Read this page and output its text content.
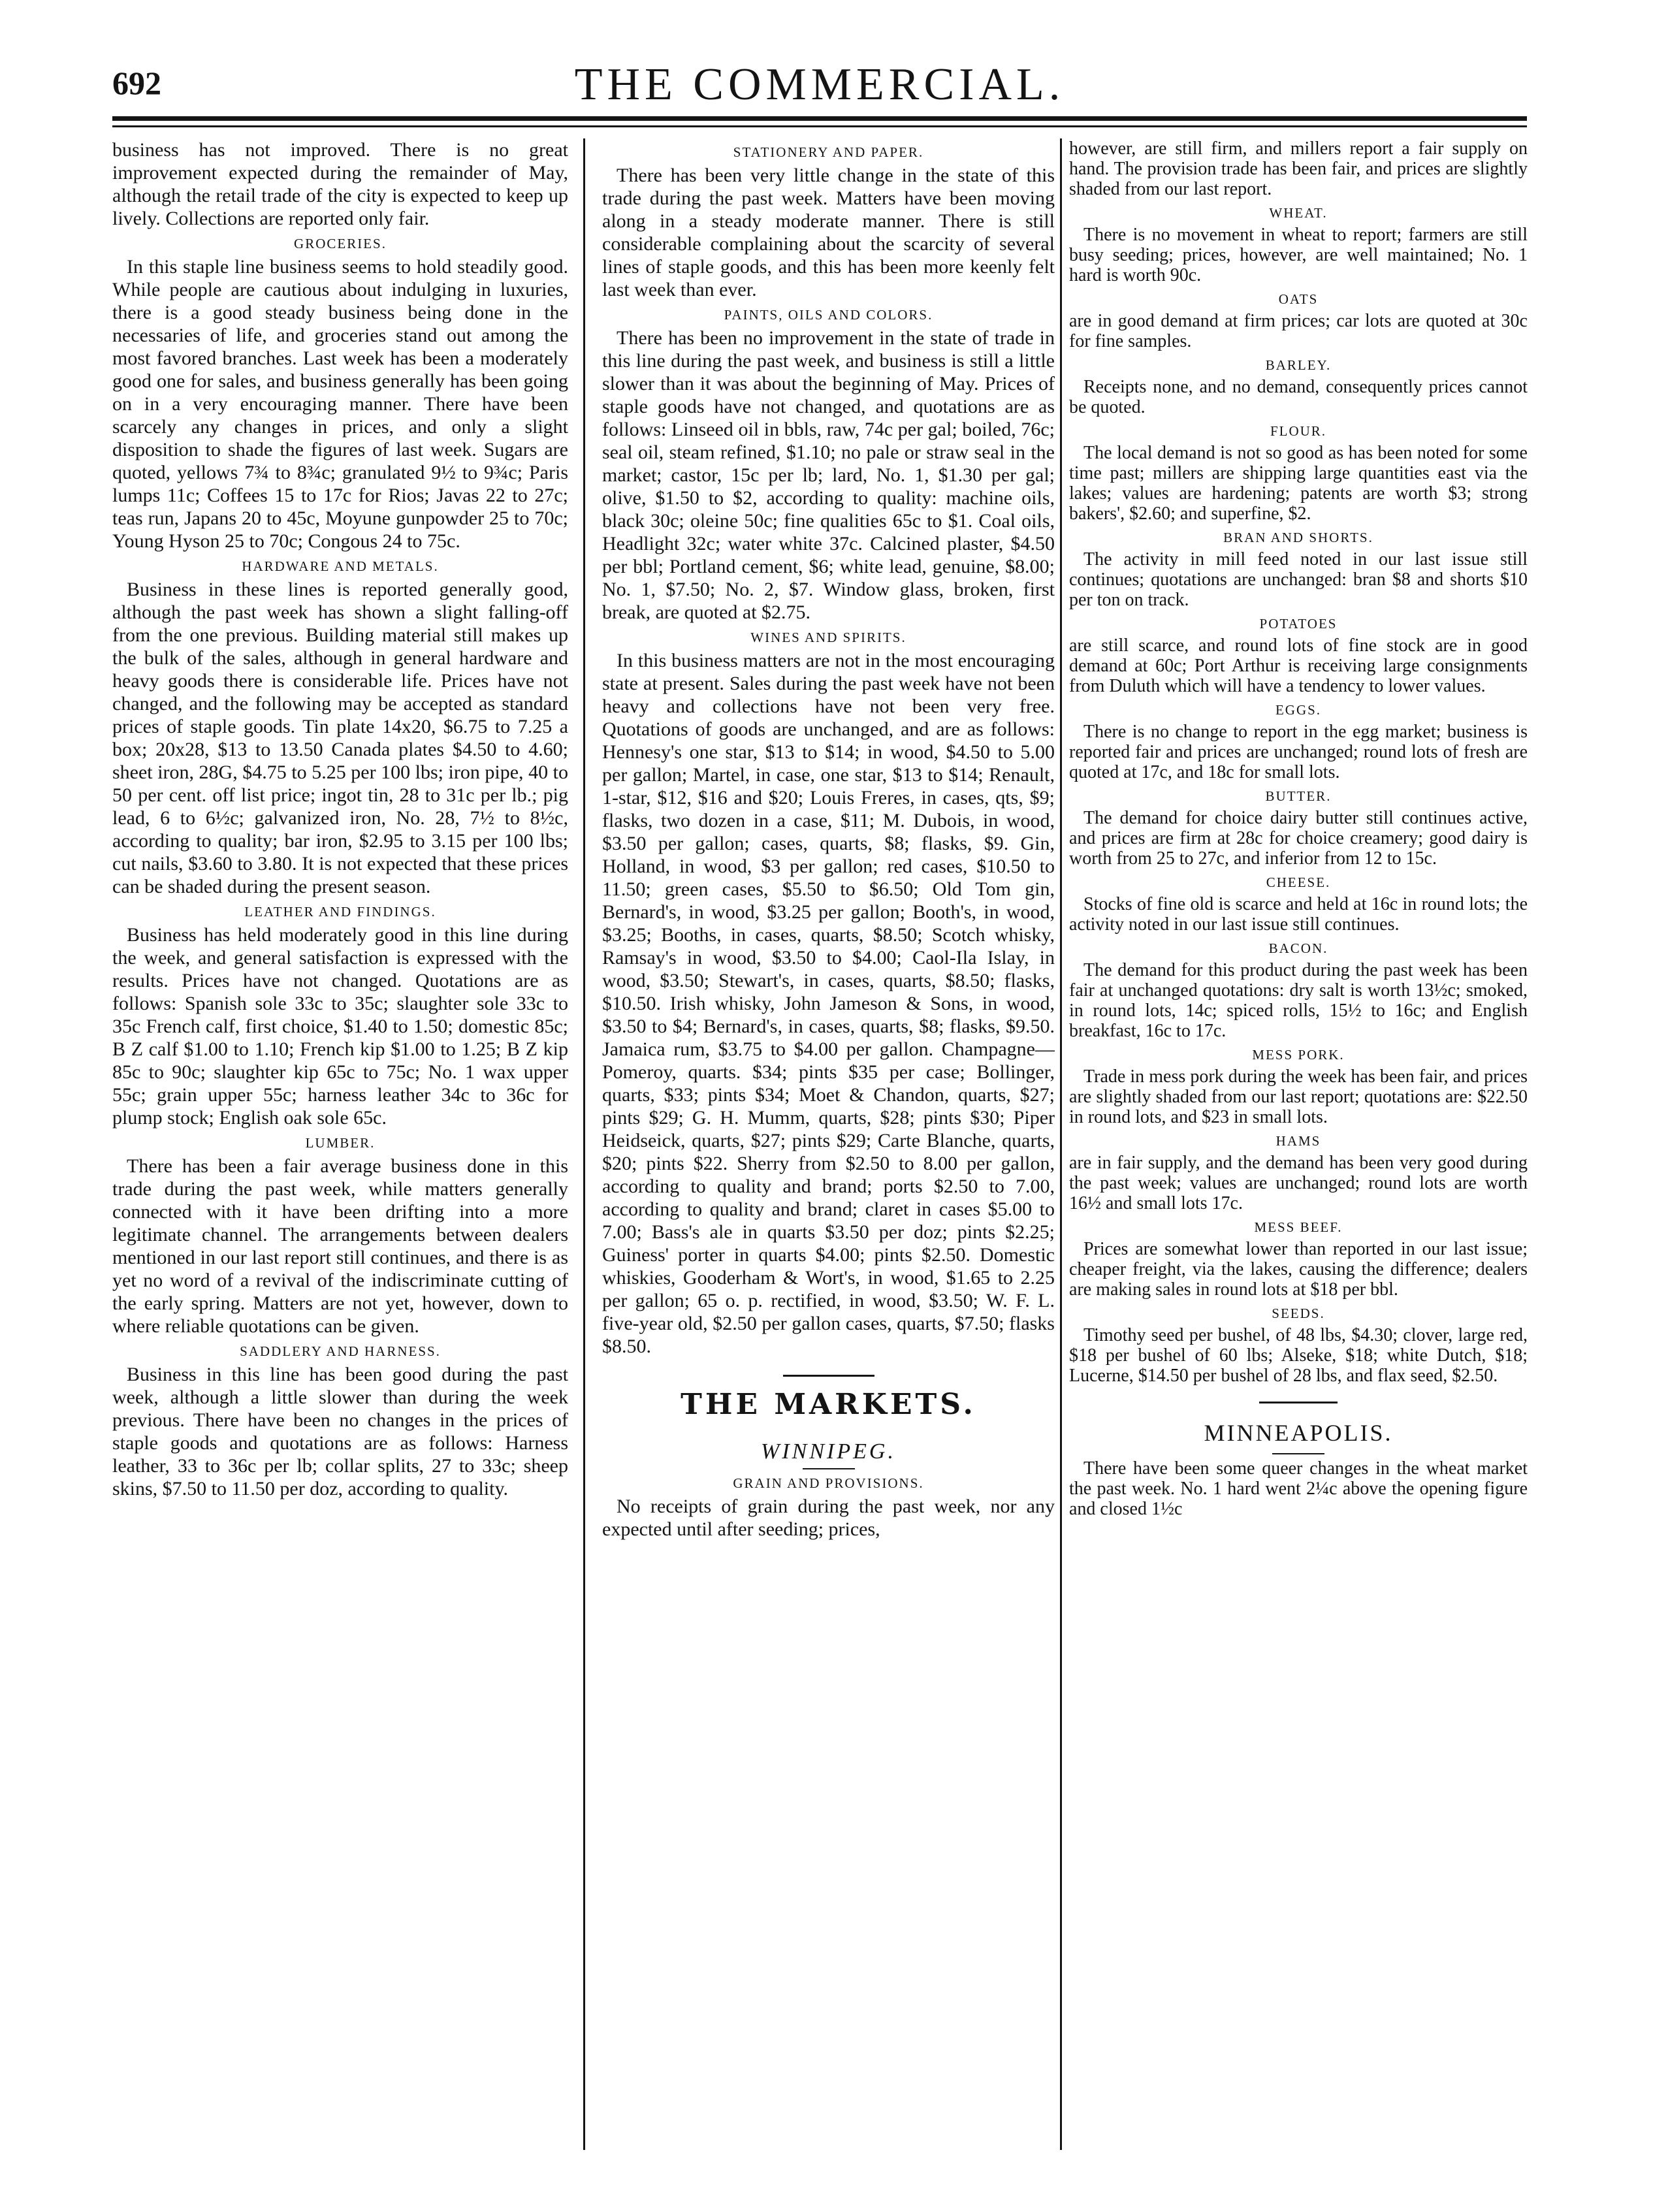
692	THE COMMERCIAL.

business has not improved. There is no great improvement expected during the remainder of May, although the retail trade of the city is expected to keep up lively. Collections are reported only fair.

GROCERIES.

In this staple line business seems to hold steadily good. While people are cautious about indulging in luxuries, there is a good steady business being done in the necessaries of life, and groceries stand out among the most favored branches. Last week has been a moderately good one for sales, and business generally has been going on in a very encouraging manner. There have been scarcely any changes in prices, and only a slight disposition to shade the figures of last week. Sugars are quoted, yellows 7¾ to 8¾c; granulated 9½ to 9¾c; Paris lumps 11c; Coffees 15 to 17c for Rios; Javas 22 to 27c; teas run, Japans 20 to 45c, Moyune gunpowder 25 to 70c; Young Hyson 25 to 70c; Congous 24 to 75c.

HARDWARE AND METALS.

Business in these lines is reported generally good, although the past week has shown a slight falling-off from the one previous. Building material still makes up the bulk of the sales, although in general hardware and heavy goods there is considerable life. Prices have not changed, and the following may be accepted as standard prices of staple goods. Tin plate 14x20, $6.75 to 7.25 a box; 20x28, $13 to 13.50 Canada plates $4.50 to 4.60; sheet iron, 28G, $4.75 to 5.25 per 100 lbs; iron pipe, 40 to 50 per cent. off list price; ingot tin, 28 to 31c per lb.; pig lead, 6 to 6½c; galvanized iron, No. 28, 7½ to 8½c, according to quality; bar iron, $2.95 to 3.15 per 100 lbs; cut nails, $3.60 to 3.80. It is not expected that these prices can be shaded during the present season.

LEATHER AND FINDINGS.

Business has held moderately good in this line during the week, and general satisfaction is expressed with the results. Prices have not changed. Quotations are as follows: Spanish sole 33c to 35c; slaughter sole 33c to 35c French calf, first choice, $1.40 to 1.50; domestic 85c; B Z calf $1.00 to 1.10; French kip $1.00 to 1.25; B Z kip 85c to 90c; slaughter kip 65c to 75c; No. 1 wax upper 55c; grain upper 55c; harness leather 34c to 36c for plump stock; English oak sole 65c.

LUMBER.

There has been a fair average business done in this trade during the past week, while matters generally connected with it have been drifting into a more legitimate channel. The arrangements between dealers mentioned in our last report still continues, and there is as yet no word of a revival of the indiscriminate cutting of the early spring. Matters are not yet, however, down to where reliable quotations can be given.

SADDLERY AND HARNESS.

Business in this line has been good during the past week, although a little slower than during the week previous. There have been no changes in the prices of staple goods and quotations are as follows: Harness leather, 33 to 36c per lb; collar splits, 27 to 33c; sheep skins, $7.50 to 11.50 per doz, according to quality.

STATIONERY AND PAPER.

There has been very little change in the state of this trade during the past week. Matters have been moving along in a steady moderate manner. There is still considerable complaining about the scarcity of several lines of staple goods, and this has been more keenly felt last week than ever.

PAINTS, OILS AND COLORS.

There has been no improvement in the state of trade in this line during the past week, and business is still a little slower than it was about the beginning of May. Prices of staple goods have not changed, and quotations are as follows: Linseed oil in bbls, raw, 74c per gal; boiled, 76c; seal oil, steam refined, $1.10; no pale or straw seal in the market; castor, 15c per lb; lard, No. 1, $1.30 per gal; olive, $1.50 to $2, according to quality: machine oils, black 30c; oleine 50c; fine qualities 65c to $1. Coal oils, Headlight 32c; water white 37c. Calcined plaster, $4.50 per bbl; Portland cement, $6; white lead, genuine, $8.00; No. 1, $7.50; No. 2, $7. Window glass, broken, first break, are quoted at $2.75.

WINES AND SPIRITS.

In this business matters are not in the most encouraging state at present. Sales during the past week have not been heavy and collections have not been very free. Quotations of goods are unchanged, and are as follows: Hennesy's one star, $13 to $14; in wood, $4.50 to 5.00 per gallon; Martel, in case, one star, $13 to $14; Renault, 1-star, $12, $16 and $20; Louis Freres, in cases, qts, $9; flasks, two dozen in a case, $11; M. Dubois, in wood, $3.50 per gallon; cases, quarts, $8; flasks, $9. Gin, Holland, in wood, $3 per gallon; red cases, $10.50 to 11.50; green cases, $5.50 to $6.50; Old Tom gin, Bernard's, in wood, $3.25 per gallon; Booth's, in wood, $3.25; Booths, in cases, quarts, $8.50; Scotch whisky, Ramsay's in wood, $3.50 to $4.00; Caol-Ila Islay, in wood, $3.50; Stewart's, in cases, quarts, $8.50; flasks, $10.50. Irish whisky, John Jameson & Sons, in wood, $3.50 to $4; Bernard's, in cases, quarts, $8; flasks, $9.50. Jamaica rum, $3.75 to $4.00 per gallon. Champagne—Pomeroy, quarts. $34; pints $35 per case; Bollinger, quarts, $33; pints $34; Moet & Chandon, quarts, $27; pints $29; G. H. Mumm, quarts, $28; pints $30; Piper Heidseick, quarts, $27; pints $29; Carte Blanche, quarts, $20; pints $22. Sherry from $2.50 to 8.00 per gallon, according to quality and brand; ports $2.50 to 7.00, according to quality and brand; claret in cases $5.00 to 7.00; Bass's ale in quarts $3.50 per doz; pints $2.25; Guiness' porter in quarts $4.00; pints $2.50. Domestic whiskies, Gooderham & Wort's, in wood, $1.65 to 2.25 per gallon; 65 o. p. rectified, in wood, $3.50; W. F. L. five-year old, $2.50 per gallon cases, quarts, $7.50; flasks $8.50.

THE MARKETS.
WINNIPEG.
GRAIN AND PROVISIONS.

No receipts of grain during the past week, nor any expected until after seeding; prices,

however, are still firm, and millers report a fair supply on hand. The provision trade has been fair, and prices are slightly shaded from our last report.

WHEAT.

There is no movement in wheat to report; farmers are still busy seeding; prices, however, are well maintained; No. 1 hard is worth 90c.

OATS

are in good demand at firm prices; car lots are quoted at 30c for fine samples.

BARLEY.

Receipts none, and no demand, consequently prices cannot be quoted.

FLOUR.

The local demand is not so good as has been noted for some time past; millers are shipping large quantities east via the lakes; values are hardening; patents are worth $3; strong bakers', $2.60; and superfine, $2.

BRAN AND SHORTS.

The activity in mill feed noted in our last issue still continues; quotations are unchanged: bran $8 and shorts $10 per ton on track.

POTATOES

are still scarce, and round lots of fine stock are in good demand at 60c; Port Arthur is receiving large consignments from Duluth which will have a tendency to lower values.

EGGS.

There is no change to report in the egg market; business is reported fair and prices are unchanged; round lots of fresh are quoted at 17c, and 18c for small lots.

BUTTER.

The demand for choice dairy butter still continues active, and prices are firm at 28c for choice creamery; good dairy is worth from 25 to 27c, and inferior from 12 to 15c.

CHEESE.

Stocks of fine old is scarce and held at 16c in round lots; the activity noted in our last issue still continues.

BACON.

The demand for this product during the past week has been fair at unchanged quotations: dry salt is worth 13½c; smoked, in round lots, 14c; spiced rolls, 15½ to 16c; and English breakfast, 16c to 17c.

MESS PORK.

Trade in mess pork during the week has been fair, and prices are slightly shaded from our last report; quotations are: $22.50 in round lots, and $23 in small lots.

HAMS

are in fair supply, and the demand has been very good during the past week; values are unchanged; round lots are worth 16½ and small lots 17c.

MESS BEEF.

Prices are somewhat lower than reported in our last issue; cheaper freight, via the lakes, causing the difference; dealers are making sales in round lots at $18 per bbl.

SEEDS.

Timothy seed per bushel, of 48 lbs, $4.30; clover, large red, $18 per bushel of 60 lbs; Alseke, $18; white Dutch, $18; Lucerne, $14.50 per bushel of 28 lbs, and flax seed, $2.50.

MINNEAPOLIS.

There have been some queer changes in the wheat market the past week. No. 1 hard went 2¼c above the opening figure and closed 1½c
